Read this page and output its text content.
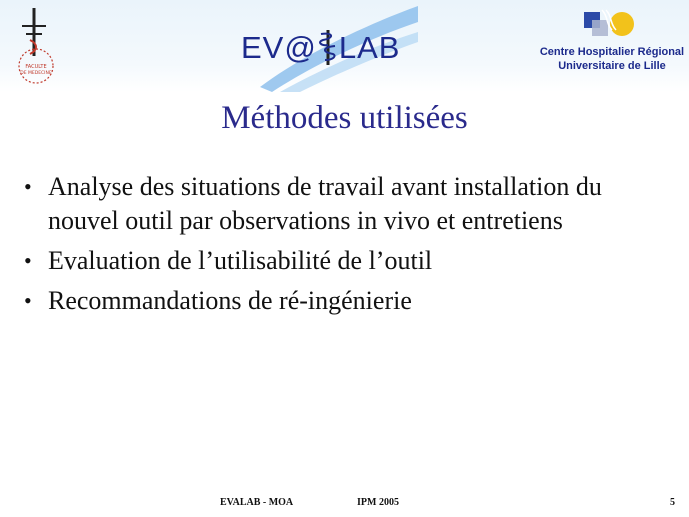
FACULTE
DE MEDECINE
EV@ LAB	Centre Hospitalier Régional
Universitaire de Lille
Méthodes utilisées
• Analyse des situations de travail avant installation du nouvel outil par observations in vivo et entretiens
• Evaluation de l’utilisabilité de l’outil
• Recommandations de ré-ingénierie
EVALAB - MOA	IPM 2005	5
